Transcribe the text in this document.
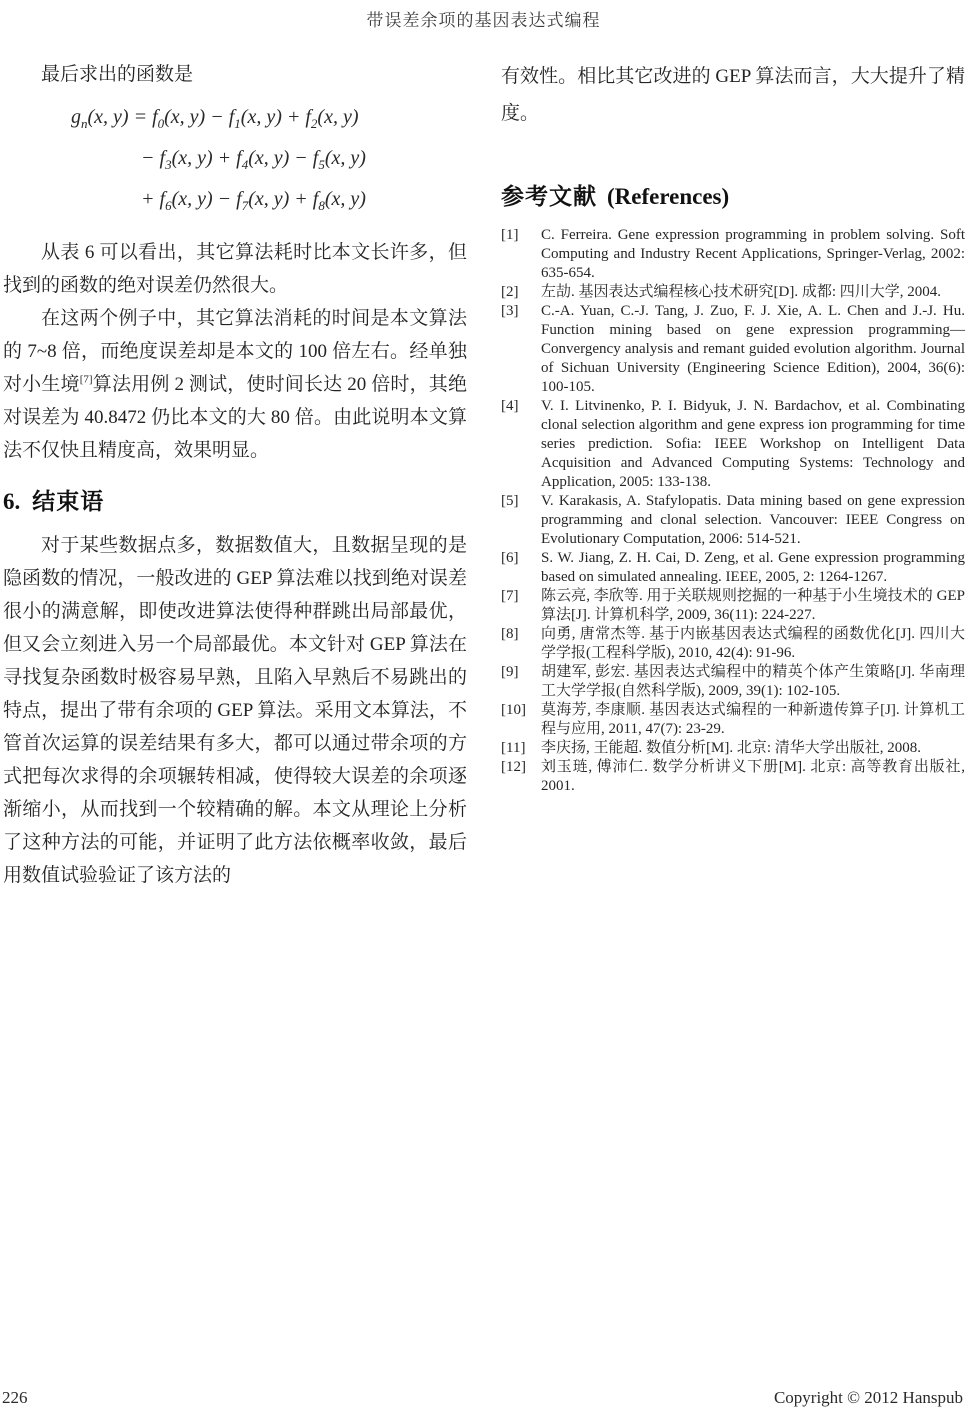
带误差余项的基因表达式编程

最后求出的函数是

$g_n(x$, $y) = f_0(x$, $y) - f_1(x$, $y) + f_2(x$, y)
− $f_3(x$, $y) + f_4(x$, $y) - f_5(x$, y)
+ $f_6(x$, $y) - f_7(x$, $y) + f_8(x$, y)

从表 6 可以看出，其它算法耗时比本文长许多，但找到的函数的绝对误差仍然很大。

在这两个例子中，其它算法消耗的时间是本文算法的 7~8 倍，而绝度误差却是本文的 100 倍左右。经单独对小生境[7]算法用例 2 测试，使时间长达 20 倍时，其绝对误差为 40.8472 仍比本文的大 80 倍。由此说明本文算法不仅快且精度高，效果明显。

6. 结束语

对于某些数据点多，数据数值大，且数据呈现的是隐函数的情况，一般改进的 GEP 算法难以找到绝对误差很小的满意解，即使改进算法使得种群跳出局部最优，但又会立刻进入另一个局部最优。本文针对 GEP 算法在寻找复杂函数时极容易早熟，且陷入早熟后不易跳出的特点，提出了带有余项的 GEP 算法。采用文本算法，不管首次运算的误差结果有多大，都可以通过带余项的方式把每次求得的余项辗转相减，使得较大误差的余项逐渐缩小，从而找到一个较精确的解。本文从理论上分析了这种方法的可能，并证明了此方法依概率收敛，最后用数值试验验证了该方法的

有效性。相比其它改进的 GEP 算法而言，大大提升了精度。

参考文献 (References)
[1]	C. Ferreira. Gene expression programming in problem solving. Soft Computing and Industry Recent Applications, Springer-Verlag, 2002: 635-654.
[2]	左劼. 基因表达式编程核心技术研究[D]. 成都: 四川大学, 2004.
[3]	C.-A. Yuan, C.-J. Tang, J. Zuo, F. J. Xie, A. L. Chen and J.-J. Hu. Function mining based on gene expression programming—Convergency analysis and remant guided evolution algorithm. Journal of Sichuan University (Engineering Science Edition), 2004, 36(6): 100-105.
[4]	V. I. Litvinenko, P. I. Bidyuk, J. N. Bardachov, et al. Combinating clonal selection algorithm and gene express ion programming for time series prediction. Sofia: IEEE Workshop on Intelligent Data Acquisition and Advanced Computing Systems: Technology and Application, 2005: 133-138.
[5]	V. Karakasis, A. Stafylopatis. Data mining based on gene expression programming and clonal selection. Vancouver: IEEE Congress on Evolutionary Computation, 2006: 514-521.
[6]	S. W. Jiang, Z. H. Cai, D. Zeng, et al. Gene expression programming based on simulated annealing. IEEE, 2005, 2: 1264-1267.
[7]	陈云亮, 李欣等. 用于关联规则挖掘的一种基于小生境技术的 GEP 算法[J]. 计算机科学, 2009, 36(11): 224-227.
[8]	向勇, 唐常杰等. 基于内嵌基因表达式编程的函数优化[J]. 四川大学学报(工程科学版), 2010, 42(4): 91-96.
[9]	胡建军, 彭宏. 基因表达式编程中的精英个体产生策略[J]. 华南理工大学学报(自然科学版), 2009, 39(1): 102-105.
[10]	莫海芳, 李康顺. 基因表达式编程的一种新遗传算子[J]. 计算机工程与应用, 2011, 47(7): 23-29.
[11]	李庆扬, 王能超. 数值分析[M]. 北京: 清华大学出版社, 2008.
[12]	刘玉琏, 傅沛仁. 数学分析讲义下册[M]. 北京: 高等教育出版社, 2001.
226	Copyright © 2012 Hanspub
